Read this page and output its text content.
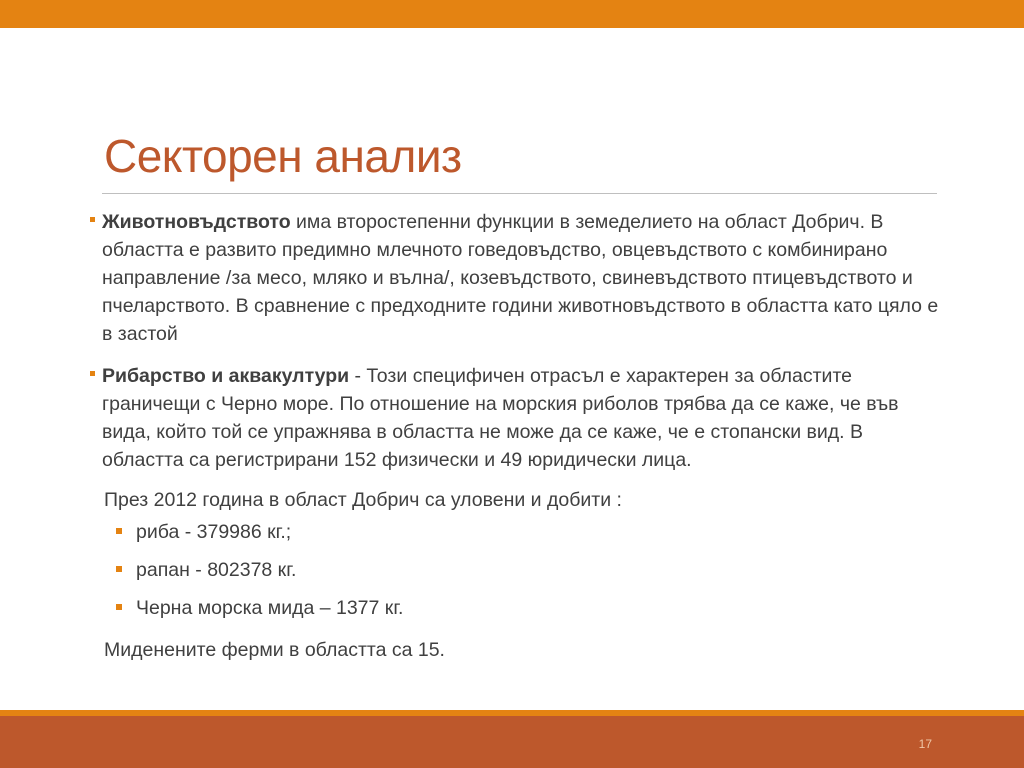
Секторен анализ
Животновъдството има второстепенни функции в земеделието на област Добрич. В областта е развито предимно млечното говедовъдство, овцевъдството с комбинирано направление /за месо, мляко и вълна/, козевъдството, свиневъдството птицевъдството и пчеларството. В сравнение с предходните години животновъдството в областта като цяло е в застой
Рибарство и аквакултури - Този специфичен отрасъл е характерен за областите граничещи с Черно море. По отношение на морския риболов трябва да се каже, че във вида, който той се упражнява в областта не може да се каже, че е стопански вид. В областта са регистрирани 152 физически и 49 юридически лица.
През 2012 година в област Добрич са уловени и добити :
риба - 379986 кг.;
рапан - 802378 кг.
Черна морска мида – 1377 кг.
Миденените ферми в областта са 15.
17
